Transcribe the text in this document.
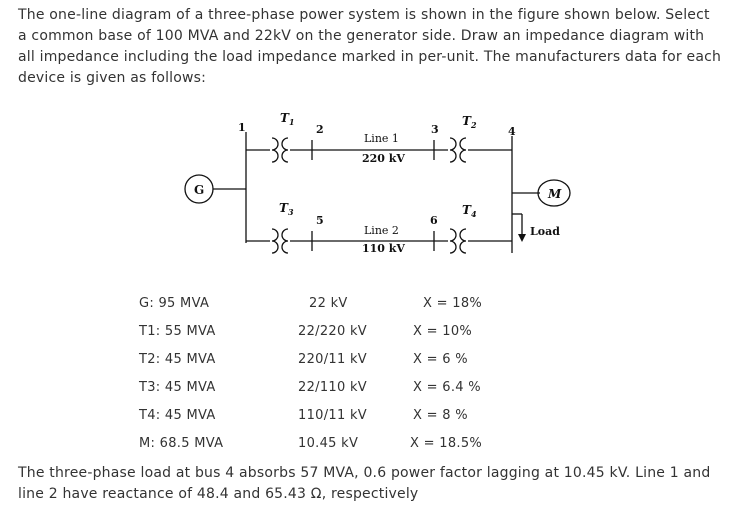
The one-line diagram of a three-phase power system is shown in the figure shown below. Select a common base of 100 MVA and 22kV on the generator side. Draw an impedance diagram with all impedance including the load impedance marked in per-unit. The manufacturers data for each device is given as follows:

G	M
Load
1	2	3	4
5	6
$T_1$	$T_2$
$T_3$	$T_4$
Line 1
220 kV
Line 2
110 kV
G: 95 MVA	22 kV	X = 18%
T1: 55 MVA	22/220 kV	X = 10%
T2: 45 MVA	220/11 kV	X = 6 %
T3: 45 MVA	22/110 kV	X = 6.4 %
T4: 45 MVA	110/11 kV	X = 8 %
M: 68.5 MVA	10.45 kV	X = 18.5%

The three-phase load at bus 4 absorbs 57 MVA, 0.6 power factor lagging at 10.45 kV. Line 1 and line 2 have reactance of 48.4 and 65.43 Ω, respectively
